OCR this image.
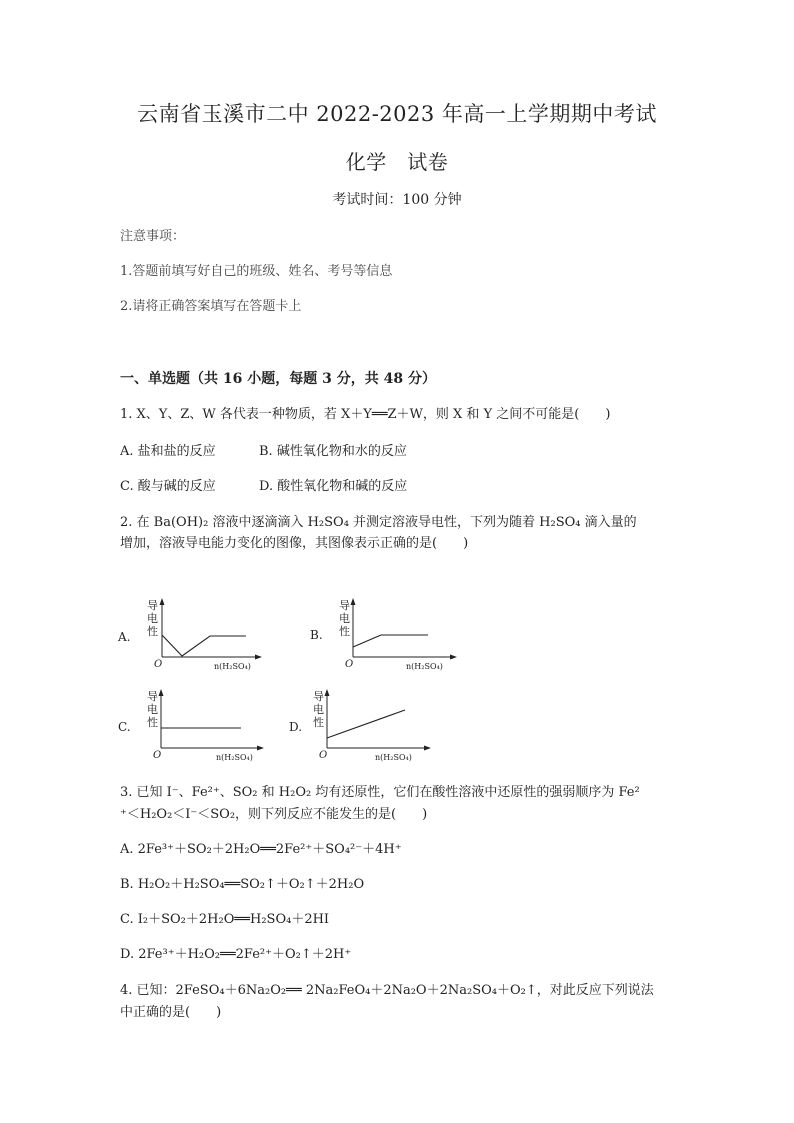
云南省玉溪市二中 2022-2023 年高一上学期期中考试
化学　试卷
考试时间：100 分钟
注意事项：
1.答题前填写好自己的班级、姓名、考号等信息
2.请将正确答案填写在答题卡上
一、单选题（共 16 小题，每题 3 分，共 48 分）
1. X、Y、Z、W 各代表一种物质，若 X＋Y══Z＋W，则 X 和 Y 之间不可能是(　　)
A. 盐和盐的反应	B. 碱性氧化物和水的反应
C. 酸与碱的反应	D. 酸性氧化物和碱的反应
2. 在 Ba(OH)₂ 溶液中逐滴滴入 H₂SO₄ 并测定溶液导电性，下列为随着 H₂SO₄ 滴入量的
增加，溶液导电能力变化的图像，其图像表示正确的是(　　)
A.
导
电
性
O	n(H₂SO₄)
B.
导
电
性
O	n(H₂SO₄)
C.
导
电
性
O	n(H₂SO₄)
D.
导
电
性
O	n(H₂SO₄)
3. 已知 I⁻、Fe²⁺、SO₂ 和 H₂O₂ 均有还原性，它们在酸性溶液中还原性的强弱顺序为 Fe²
⁺＜H₂O₂＜I⁻＜SO₂，则下列反应不能发生的是(　　)
A. 2Fe³⁺＋SO₂＋2H₂O══2Fe²⁺＋SO₄²⁻＋4H⁺
B. H₂O₂＋H₂SO₄══SO₂↑＋O₂↑＋2H₂O
C. I₂＋SO₂＋2H₂O══H₂SO₄＋2HI
D. 2Fe³⁺＋H₂O₂══2Fe²⁺＋O₂↑＋2H⁺
4. 已知：2FeSO₄＋6Na₂O₂══ 2Na₂FeO₄＋2Na₂O＋2Na₂SO₄＋O₂↑，对此反应下列说法
中正确的是(　　)
